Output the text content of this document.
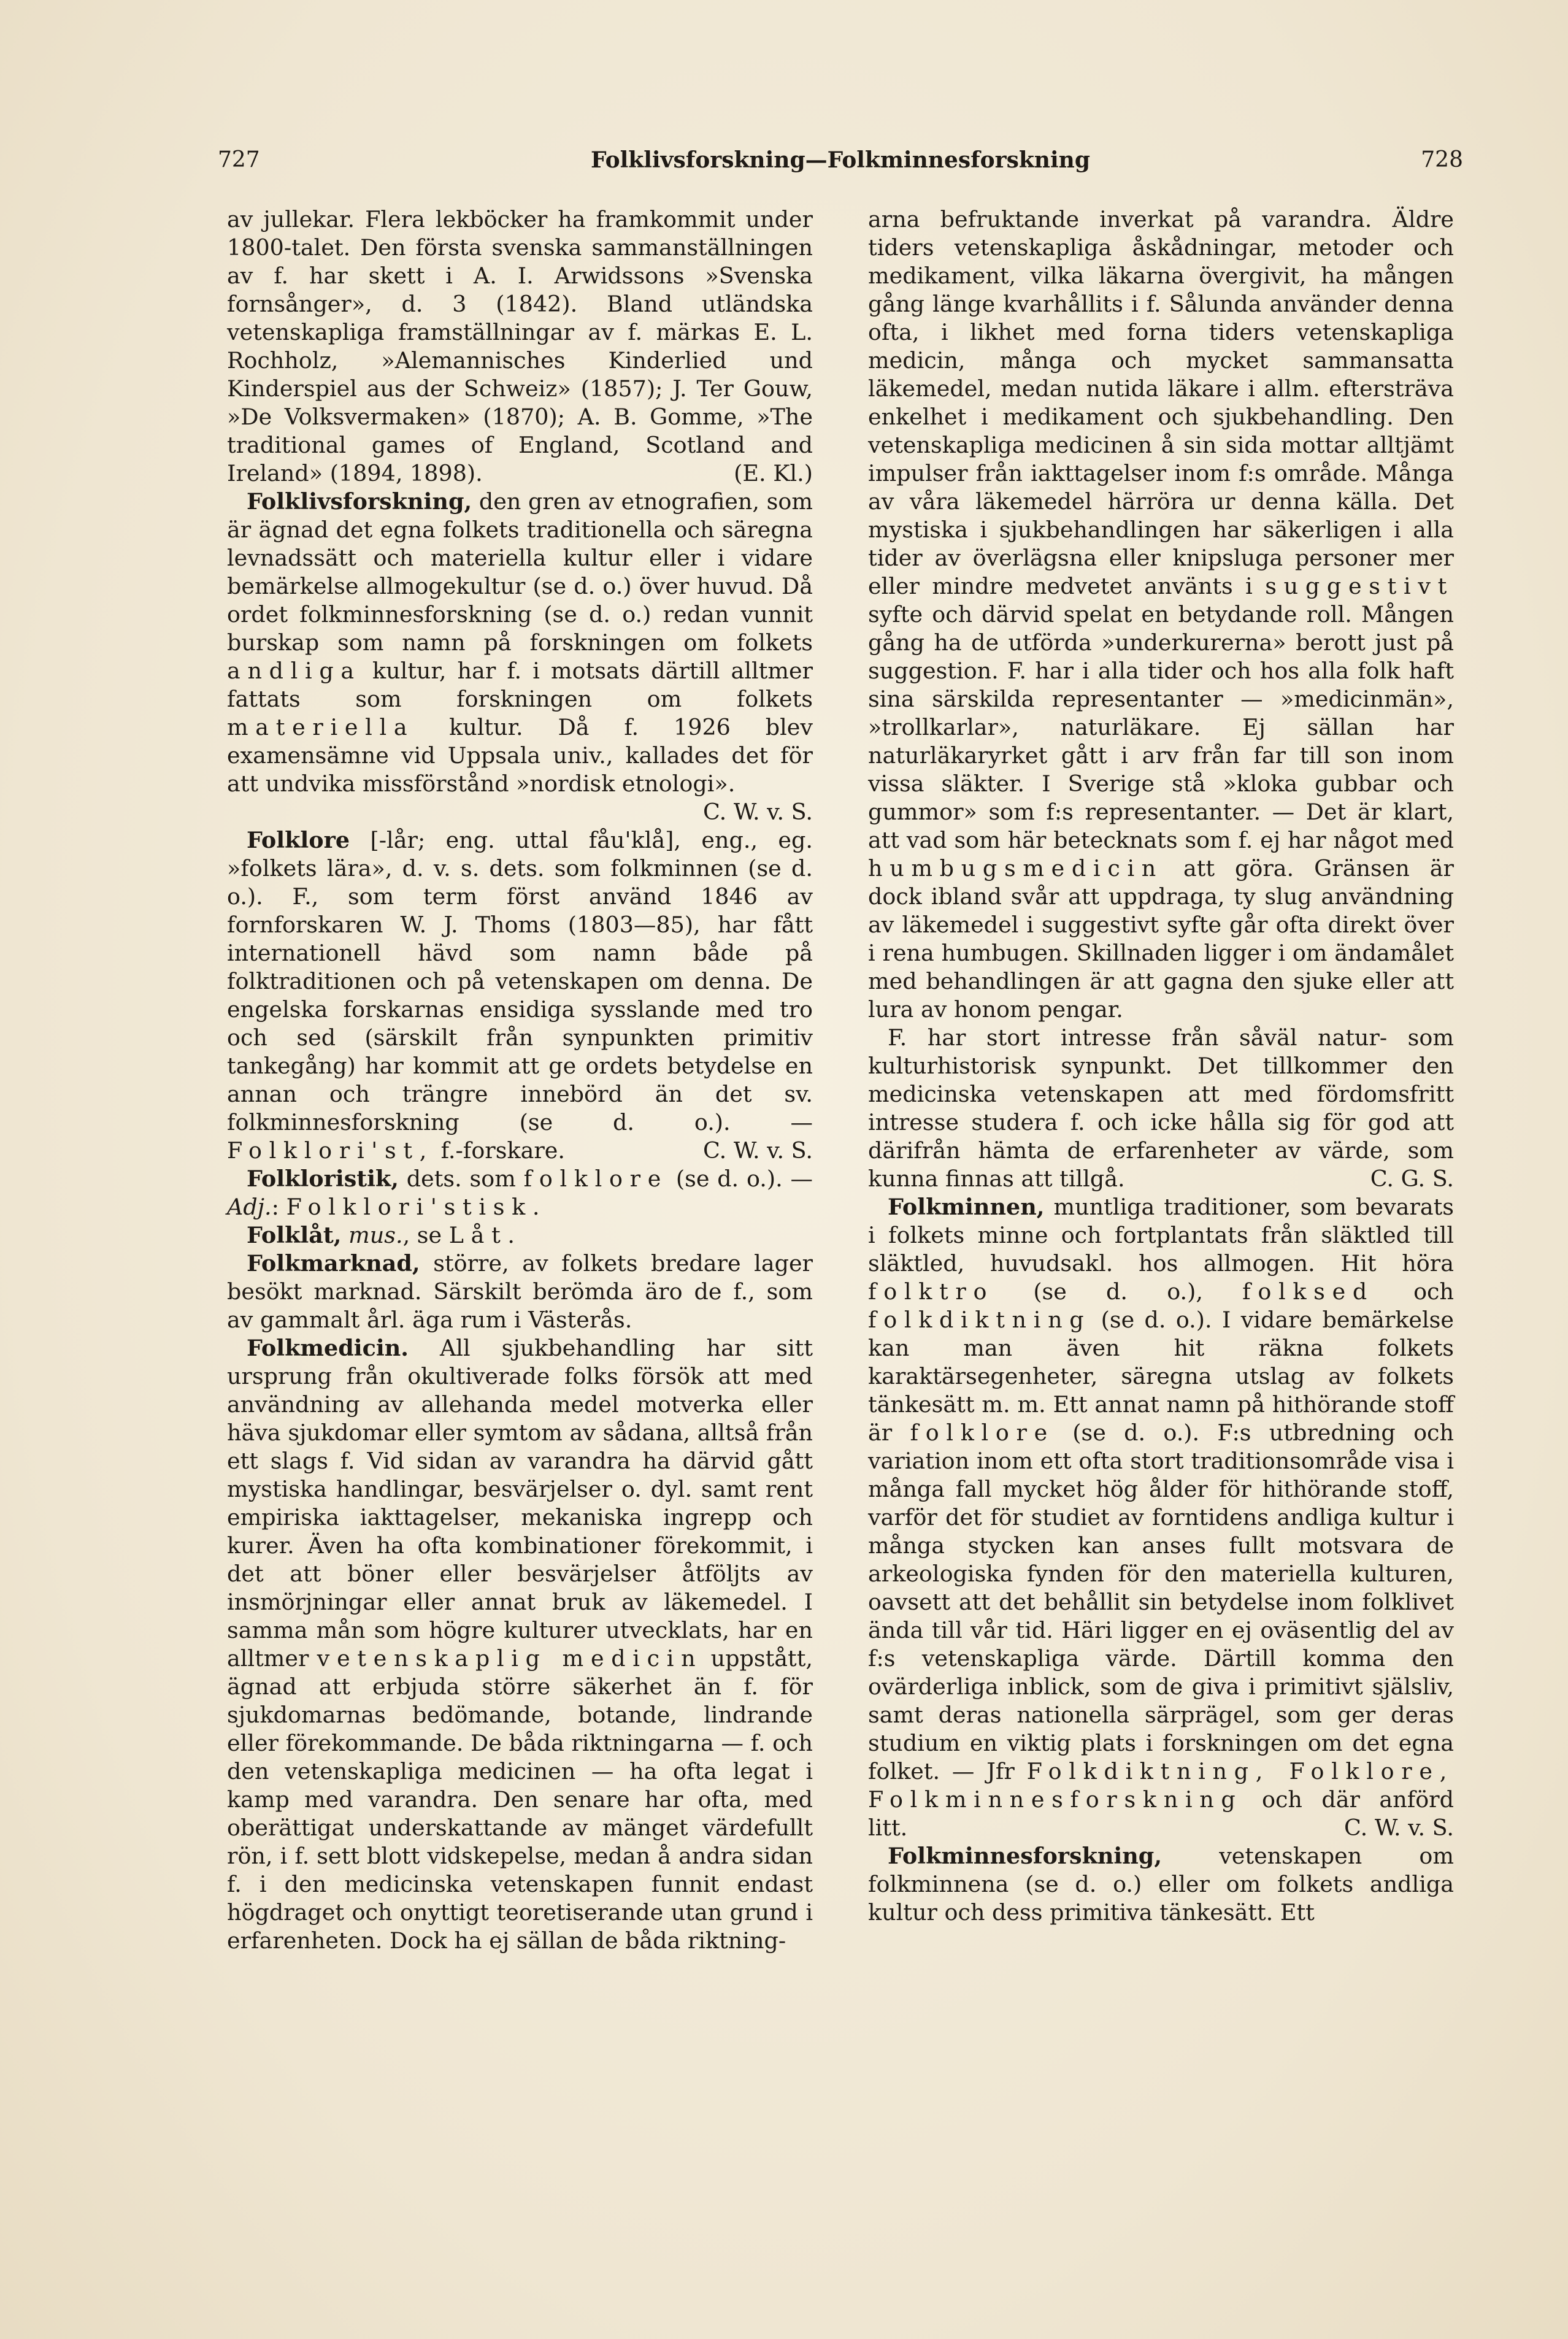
727	Folklivsforskning—Folkminnesforskning	728

av jullekar. Flera lekböcker ha framkommit under 1800-talet. Den första svenska sammanställningen av f. har skett i A. I. Arwidssons »Svenska fornsånger», d. 3 (1842). Bland utländska vetenskapliga framställningar av f. märkas E. L. Rochholz, »Alemannisches Kinderlied und Kinderspiel aus der Schweiz» (1857); J. Ter Gouw, »De Volksvermaken» (1870); A. B. Gomme, »The traditional games of England, Scotland and Ireland» (1894, 1898).	(E. Kl.)

Folklivsforskning, den gren av etnografien, som är ägnad det egna folkets traditionella och säregna levnadssätt och materiella kultur eller i vidare bemärkelse allmogekultur (se d. o.) över huvud. Då ordet folkminnesforskning (se d. o.) redan vunnit burskap som namn på forskningen om folkets andliga kultur, har f. i motsats därtill alltmer fattats som forskningen om folkets materiella kultur. Då f. 1926 blev examensämne vid Uppsala univ., kallades det för att undvika missförstånd »nordisk etnologi».
C. W. v. S.

Folklore [-lår; eng. uttal fåu'klå], eng., eg. »folkets lära», d. v. s. dets. som folkminnen (se d. o.). F., som term först använd 1846 av fornforskaren W. J. Thoms (1803—85), har fått internationell hävd som namn både på folktraditionen och på vetenskapen om denna. De engelska forskarnas ensidiga sysslande med tro och sed (särskilt från synpunkten primitiv tankegång) har kommit att ge ordets betydelse en annan och trängre innebörd än det sv. folkminnesforskning (se d. o.). — Folklori'st, f.-forskare.	C. W. v. S.

Folkloristik, dets. som folklore (se d. o.). — Adj.: Folklori'stisk.

Folklåt, mus., se Låt.

Folkmarknad, större, av folkets bredare lager besökt marknad. Särskilt berömda äro de f., som av gammalt årl. äga rum i Västerås.

Folkmedicin. All sjukbehandling har sitt ursprung från okultiverade folks försök att med användning av allehanda medel motverka eller häva sjukdomar eller symtom av sådana, alltså från ett slags f. Vid sidan av varandra ha därvid gått mystiska handlingar, besvärjelser o. dyl. samt rent empiriska iakttagelser, mekaniska ingrepp och kurer. Även ha ofta kombinationer förekommit, i det att böner eller besvärjelser åtföljts av insmörjningar eller annat bruk av läkemedel. I samma mån som högre kulturer utvecklats, har en alltmer vetenskaplig medicin uppstått, ägnad att erbjuda större säkerhet än f. för sjukdomarnas bedömande, botande, lindrande eller förekommande. De båda riktningarna — f. och den vetenskapliga medicinen — ha ofta legat i kamp med varandra. Den senare har ofta, med oberättigat underskattande av mänget värdefullt rön, i f. sett blott vidskepelse, medan å andra sidan f. i den medicinska vetenskapen funnit endast högdraget och onyttigt teoretiserande utan grund i erfarenheten. Dock ha ej sällan de båda riktning-

arna befruktande inverkat på varandra. Äldre tiders vetenskapliga åskådningar, metoder och medikament, vilka läkarna övergivit, ha mången gång länge kvarhållits i f. Sålunda använder denna ofta, i likhet med forna tiders vetenskapliga medicin, många och mycket sammansatta läkemedel, medan nutida läkare i allm. eftersträva enkelhet i medikament och sjukbehandling. Den vetenskapliga medicinen å sin sida mottar alltjämt impulser från iakttagelser inom f:s område. Många av våra läkemedel härröra ur denna källa. Det mystiska i sjukbehandlingen har säkerligen i alla tider av överlägsna eller knipsluga personer mer eller mindre medvetet använts i suggestivt syfte och därvid spelat en betydande roll. Mången gång ha de utförda »underkurerna» berott just på suggestion. F. har i alla tider och hos alla folk haft sina särskilda representanter — »medicinmän», »trollkarlar», naturläkare. Ej sällan har naturläkaryrket gått i arv från far till son inom vissa släkter. I Sverige stå »kloka gubbar och gummor» som f:s representanter. — Det är klart, att vad som här betecknats som f. ej har något med humbugsmedicin att göra. Gränsen är dock ibland svår att uppdraga, ty slug användning av läkemedel i suggestivt syfte går ofta direkt över i rena humbugen. Skillnaden ligger i om ändamålet med behandlingen är att gagna den sjuke eller att lura av honom pengar.

F. har stort intresse från såväl natur- som kulturhistorisk synpunkt. Det tillkommer den medicinska vetenskapen att med fördomsfritt intresse studera f. och icke hålla sig för god att därifrån hämta de erfarenheter av värde, som kunna finnas att tillgå.	C. G. S.

Folkminnen, muntliga traditioner, som bevarats i folkets minne och fortplantats från släktled till släktled, huvudsakl. hos allmogen. Hit höra folktro (se d. o.), folksed och folkdiktning (se d. o.). I vidare bemärkelse kan man även hit räkna folkets karaktärsegenheter, säregna utslag av folkets tänkesätt m. m. Ett annat namn på hithörande stoff är folklore (se d. o.). F:s utbredning och variation inom ett ofta stort traditionsområde visa i många fall mycket hög ålder för hithörande stoff, varför det för studiet av forntidens andliga kultur i många stycken kan anses fullt motsvara de arkeologiska fynden för den materiella kulturen, oavsett att det behållit sin betydelse inom folklivet ända till vår tid. Häri ligger en ej oväsentlig del av f:s vetenskapliga värde. Därtill komma den ovärderliga inblick, som de giva i primitivt själsliv, samt deras nationella särprägel, som ger deras studium en viktig plats i forskningen om det egna folket. — Jfr Folkdiktning, Folklore, Folkminnesforskning och där anförd litt.	C. W. v. S.

Folkminnesforskning, vetenskapen om folkminnena (se d. o.) eller om folkets andliga kultur och dess primitiva tänkesätt. Ett
